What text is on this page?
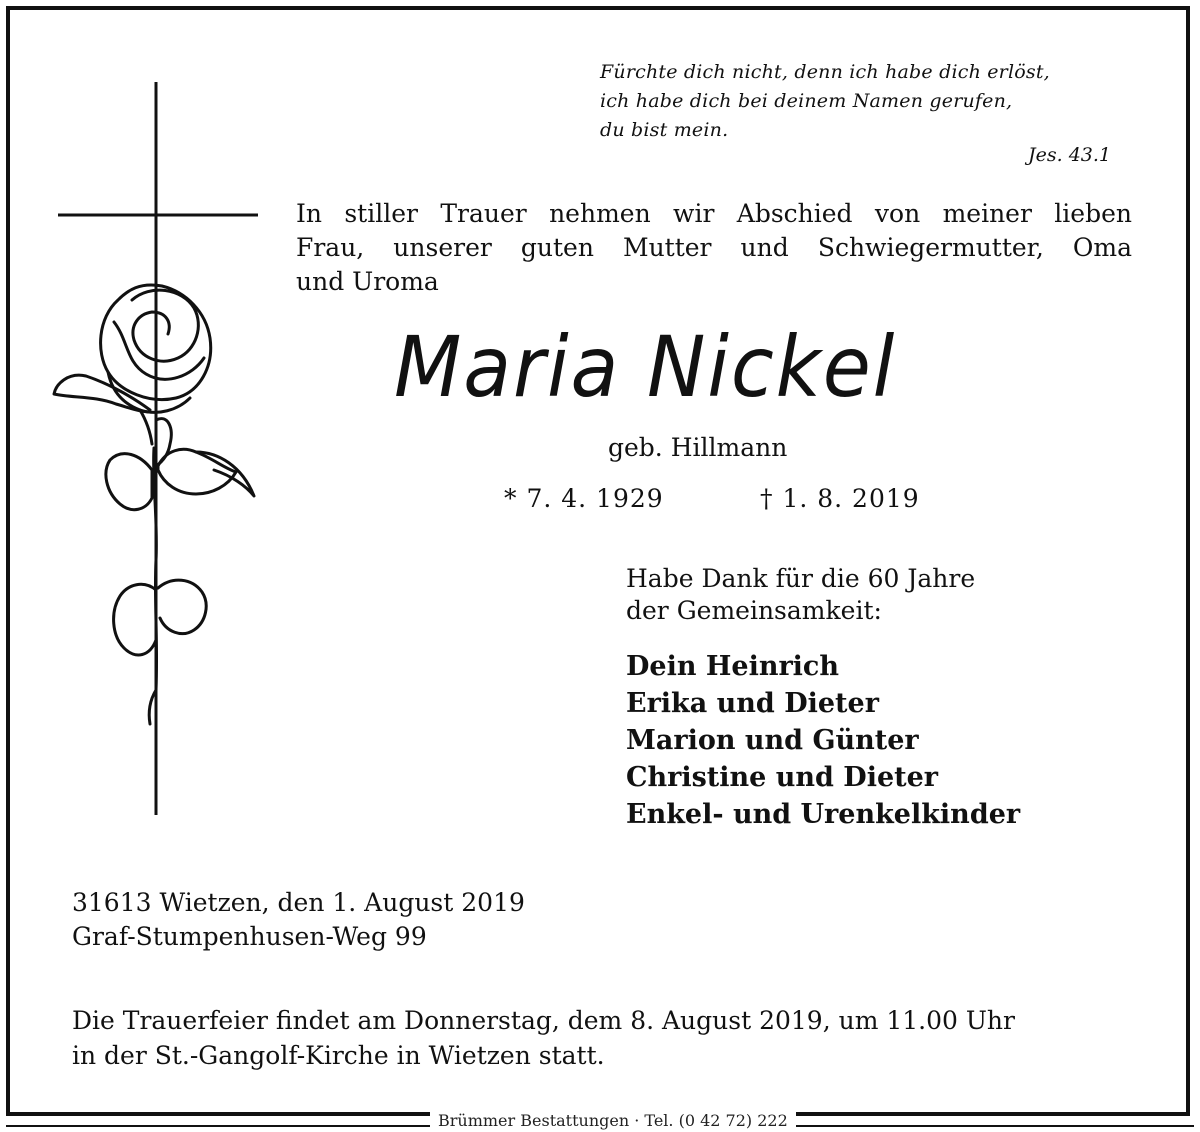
Fürchte dich nicht, denn ich habe dich erlöst,
ich habe dich bei deinem Namen gerufen,
du bist mein.
Jes. 43.1
In stiller Trauer nehmen wir Abschied von meiner lieben
Frau, unserer guten Mutter und Schwiegermutter, Oma
und Uroma
Maria Nickel
geb. Hillmann
* 7. 4. 1929	† 1. 8. 2019
Habe Dank für die 60 Jahre
der Gemeinsamkeit:
Dein Heinrich
Erika und Dieter
Marion und Günter
Christine und Dieter
Enkel- und Urenkelkinder
31613 Wietzen, den 1. August 2019
Graf-Stumpenhusen-Weg 99
Die Trauerfeier findet am Donnerstag, dem 8. August 2019, um 11.00 Uhr
in der St.-Gangolf-Kirche in Wietzen statt.
Brümmer Bestattungen · Tel. (0 42 72) 222
